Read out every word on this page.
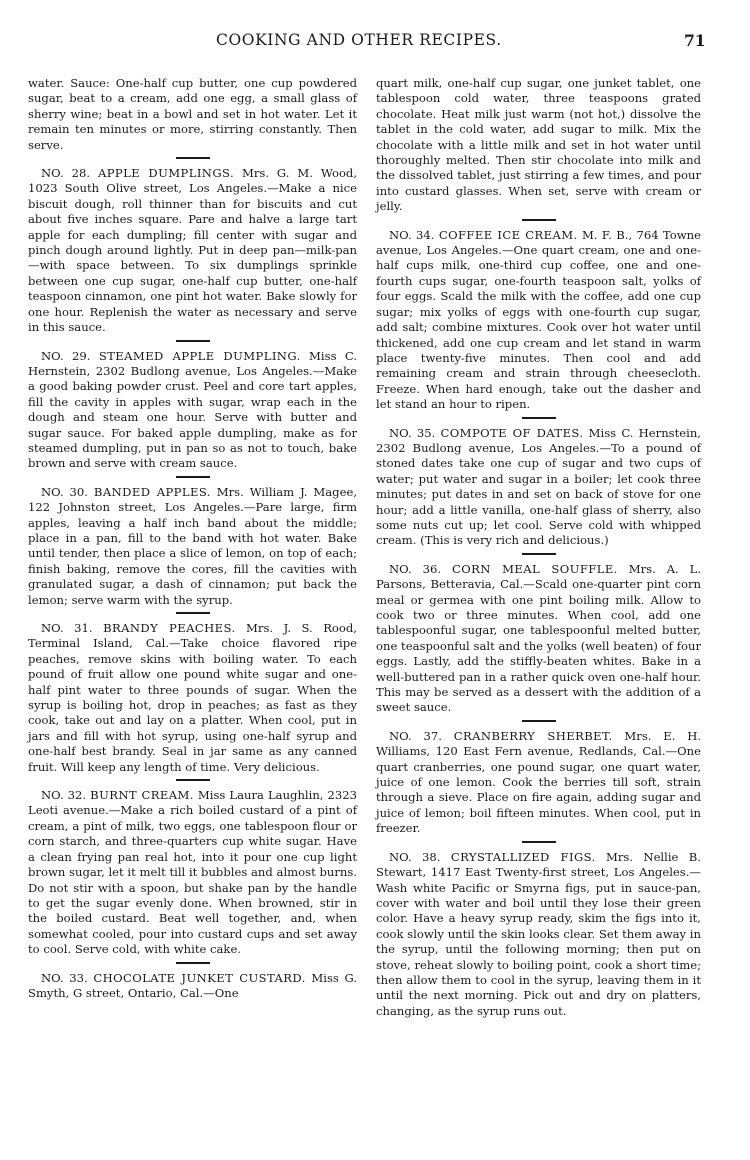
COOKING AND OTHER RECIPES.	71

water. Sauce: One-half cup butter, one cup powdered sugar, beat to a cream, add one egg, a small glass of sherry wine; beat in a bowl and set in hot water. Let it remain ten minutes or more, stirring constantly. Then serve.

NO. 28. APPLE DUMPLINGS. Mrs. G. M. Wood, 1023 South Olive street, Los Angeles.—Make a nice biscuit dough, roll thinner than for biscuits and cut about five inches square. Pare and halve a large tart apple for each dumpling; fill center with sugar and pinch dough around lightly. Put in deep pan—milk-pan—with space between. To six dumplings sprinkle between one cup sugar, one-half cup butter, one-half teaspoon cinnamon, one pint hot water. Bake slowly for one hour. Replenish the water as necessary and serve in this sauce.

NO. 29. STEAMED APPLE DUMPLING. Miss C. Hernstein, 2302 Budlong avenue, Los Angeles.—Make a good baking powder crust. Peel and core tart apples, fill the cavity in apples with sugar, wrap each in the dough and steam one hour. Serve with butter and sugar sauce. For baked apple dumpling, make as for steamed dumpling, put in pan so as not to touch, bake brown and serve with cream sauce.

NO. 30. BANDED APPLES. Mrs. William J. Magee, 122 Johnston street, Los Angeles.—Pare large, firm apples, leaving a half inch band about the middle; place in a pan, fill to the band with hot water. Bake until tender, then place a slice of lemon, on top of each; finish baking, remove the cores, fill the cavities with granulated sugar, a dash of cinnamon; put back the lemon; serve warm with the syrup.

NO. 31. BRANDY PEACHES. Mrs. J. S. Rood, Terminal Island, Cal.—Take choice flavored ripe peaches, remove skins with boiling water. To each pound of fruit allow one pound white sugar and one-half pint water to three pounds of sugar. When the syrup is boiling hot, drop in peaches; as fast as they cook, take out and lay on a platter. When cool, put in jars and fill with hot syrup, using one-half syrup and one-half best brandy. Seal in jar same as any canned fruit. Will keep any length of time. Very delicious.

NO. 32. BURNT CREAM. Miss Laura Laughlin, 2323 Leoti avenue.—Make a rich boiled custard of a pint of cream, a pint of milk, two eggs, one tablespoon flour or corn starch, and three-quarters cup white sugar. Have a clean frying pan real hot, into it pour one cup light brown sugar, let it melt till it bubbles and almost burns. Do not stir with a spoon, but shake pan by the handle to get the sugar evenly done. When browned, stir in the boiled custard. Beat well together, and, when somewhat cooled, pour into custard cups and set away to cool. Serve cold, with white cake.

NO. 33. CHOCOLATE JUNKET CUSTARD. Miss G. Smyth, G street, Ontario, Cal.—One

quart milk, one-half cup sugar, one junket tablet, one tablespoon cold water, three teaspoons grated chocolate. Heat milk just warm (not hot,) dissolve the tablet in the cold water, add sugar to milk. Mix the chocolate with a little milk and set in hot water until thoroughly melted. Then stir chocolate into milk and the dissolved tablet, just stirring a few times, and pour into custard glasses. When set, serve with cream or jelly.

NO. 34. COFFEE ICE CREAM. M. F. B., 764 Towne avenue, Los Angeles.—One quart cream, one and one-half cups milk, one-third cup coffee, one and one-fourth cups sugar, one-fourth teaspoon salt, yolks of four eggs. Scald the milk with the coffee, add one cup sugar; mix yolks of eggs with one-fourth cup sugar, add salt; combine mixtures. Cook over hot water until thickened, add one cup cream and let stand in warm place twenty-five minutes. Then cool and add remaining cream and strain through cheesecloth. Freeze. When hard enough, take out the dasher and let stand an hour to ripen.

NO. 35. COMPOTE OF DATES. Miss C. Hernstein, 2302 Budlong avenue, Los Angeles.—To a pound of stoned dates take one cup of sugar and two cups of water; put water and sugar in a boiler; let cook three minutes; put dates in and set on back of stove for one hour; add a little vanilla, one-half glass of sherry, also some nuts cut up; let cool. Serve cold with whipped cream. (This is very rich and delicious.)

NO. 36. CORN MEAL SOUFFLE. Mrs. A. L. Parsons, Betteravia, Cal.—Scald one-quarter pint corn meal or germea with one pint boiling milk. Allow to cook two or three minutes. When cool, add one tablespoonful sugar, one tablespoonful melted butter, one teaspoonful salt and the yolks (well beaten) of four eggs. Lastly, add the stiffly-beaten whites. Bake in a well-buttered pan in a rather quick oven one-half hour. This may be served as a dessert with the addition of a sweet sauce.

NO. 37. CRANBERRY SHERBET. Mrs. E. H. Williams, 120 East Fern avenue, Redlands, Cal.—One quart cranberries, one pound sugar, one quart water, juice of one lemon. Cook the berries till soft, strain through a sieve. Place on fire again, adding sugar and juice of lemon; boil fifteen minutes. When cool, put in freezer.

NO. 38. CRYSTALLIZED FIGS. Mrs. Nellie B. Stewart, 1417 East Twenty-first street, Los Angeles.—Wash white Pacific or Smyrna figs, put in sauce-pan, cover with water and boil until they lose their green color. Have a heavy syrup ready, skim the figs into it, cook slowly until the skin looks clear. Set them away in the syrup, until the following morning; then put on stove, reheat slowly to boiling point, cook a short time; then allow them to cool in the syrup, leaving them in it until the next morning. Pick out and dry on platters, changing, as the syrup runs out.
